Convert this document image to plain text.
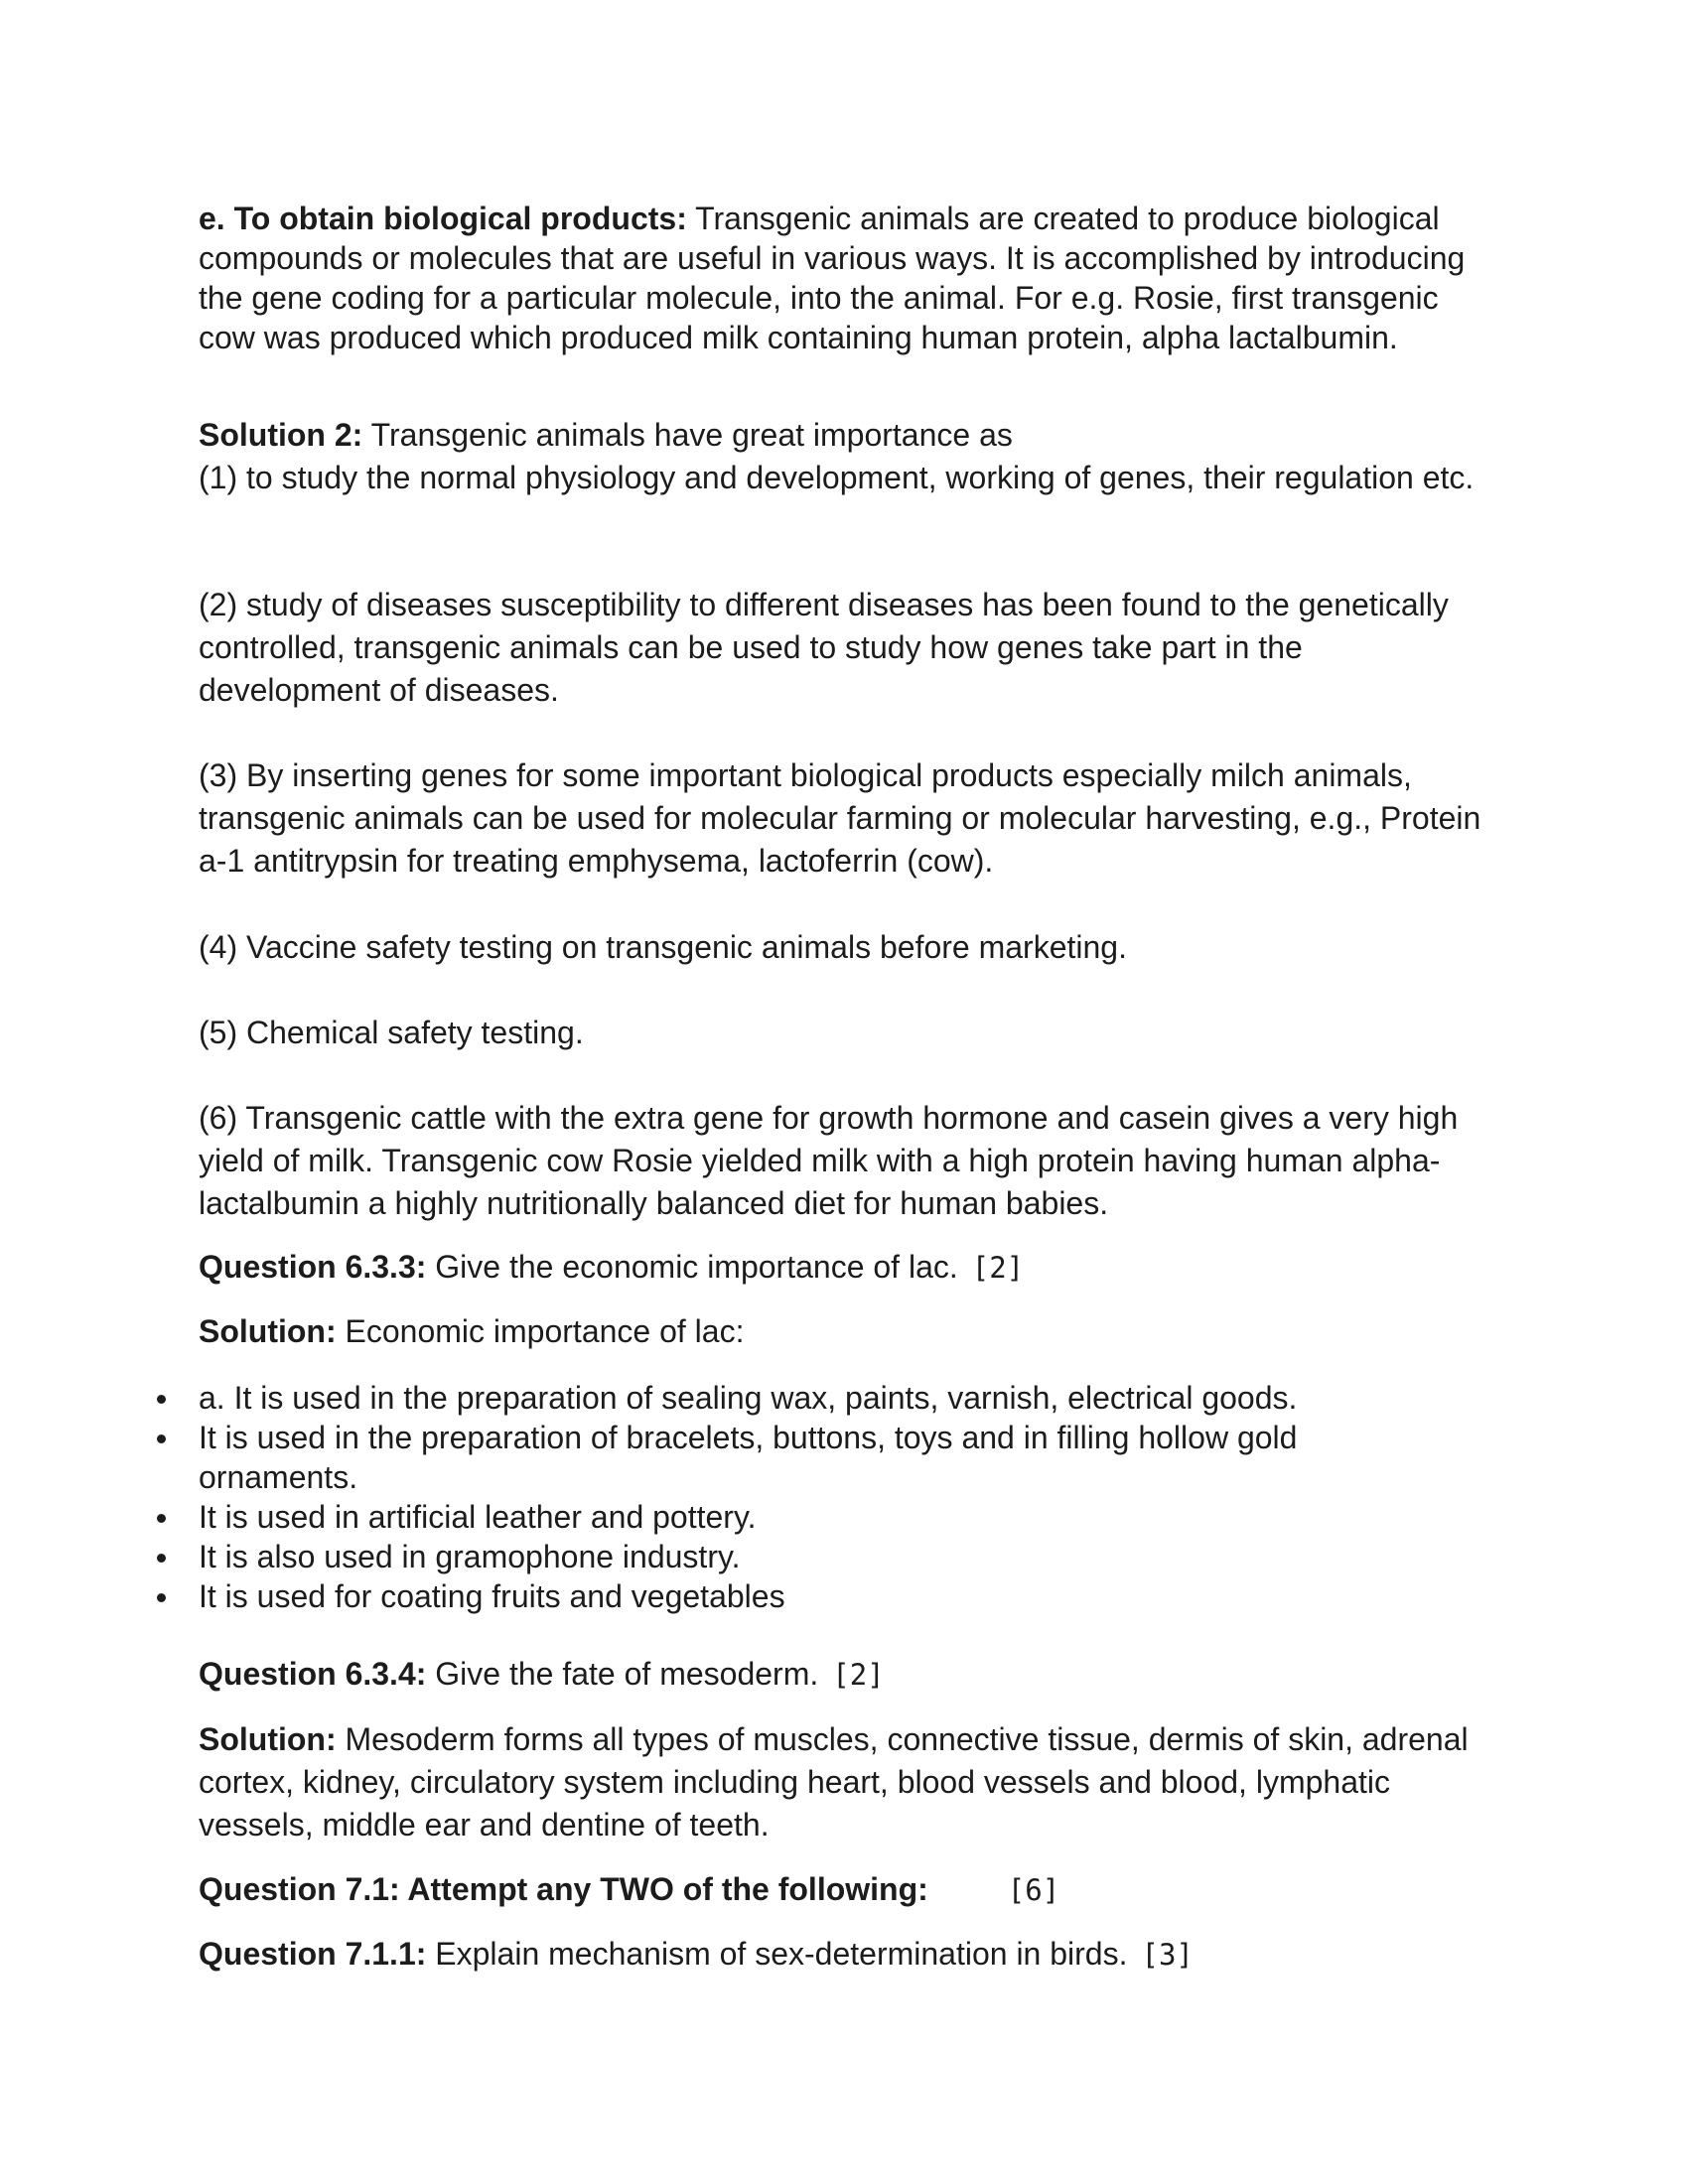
e. To obtain biological products: Transgenic animals are created to produce biological compounds or molecules that are useful in various ways. It is accomplished by introducing the gene coding for a particular molecule, into the animal. For e.g. Rosie, first transgenic cow was produced which produced milk containing human protein, alpha lactalbumin.
Solution 2: Transgenic animals have great importance as
(1) to study the normal physiology and development, working of genes, their regulation etc.
(2) study of diseases susceptibility to different diseases has been found to the genetically controlled, transgenic animals can be used to study how genes take part in the development of diseases.
(3) By inserting genes for some important biological products especially milch animals, transgenic animals can be used for molecular farming or molecular harvesting, e.g., Protein a-1 antitrypsin for treating emphysema, lactoferrin (cow).
(4) Vaccine safety testing on transgenic animals before marketing.
(5) Chemical safety testing.
(6) Transgenic cattle with the extra gene for growth hormone and casein gives a very high yield of milk. Transgenic cow Rosie yielded milk with a high protein having human alpha-lactalbumin a highly nutritionally balanced diet for human babies.
Question 6.3.3: Give the economic importance of lac. [2]
Solution: Economic importance of lac:
a. It is used in the preparation of sealing wax, paints, varnish, electrical goods.
It is used in the preparation of bracelets, buttons, toys and in filling hollow gold ornaments.
It is used in artificial leather and pottery.
It is also used in gramophone industry.
It is used for coating fruits and vegetables
Question 6.3.4: Give the fate of mesoderm. [2]
Solution: Mesoderm forms all types of muscles, connective tissue, dermis of skin, adrenal cortex, kidney, circulatory system including heart, blood vessels and blood, lymphatic vessels, middle ear and dentine of teeth.
Question 7.1: Attempt any TWO of the following:	[6]
Question 7.1.1: Explain mechanism of sex-determination in birds. [3]
